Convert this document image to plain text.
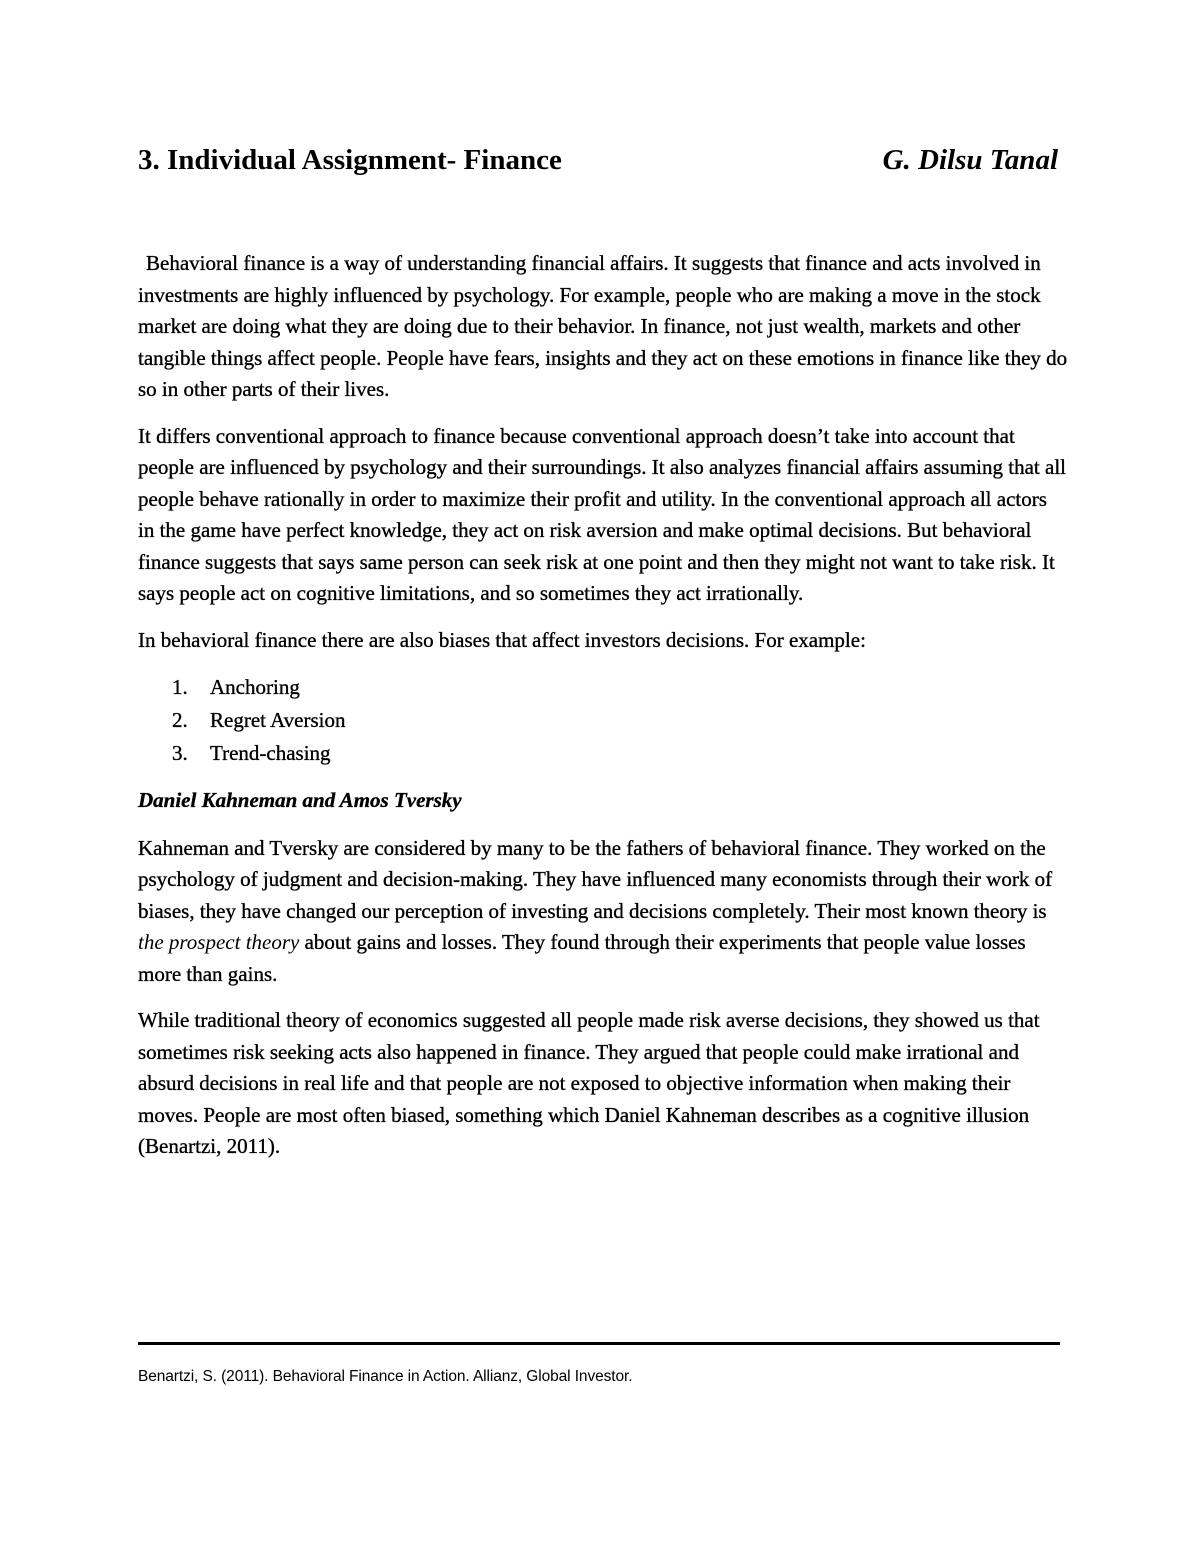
3. Individual Assignment- Finance	G. Dilsu Tanal

Behavioral finance is a way of understanding financial affairs. It suggests that finance and acts involved in investments are highly influenced by psychology. For example, people who are making a move in the stock market are doing what they are doing due to their behavior. In finance, not just wealth, markets and other tangible things affect people. People have fears, insights and they act on these emotions in finance like they do so in other parts of their lives.

It differs conventional approach to finance because conventional approach doesn’t take into account that people are influenced by psychology and their surroundings. It also analyzes financial affairs assuming that all people behave rationally in order to maximize their profit and utility. In the conventional approach all actors in the game have perfect knowledge, they act on risk aversion and make optimal decisions. But behavioral finance suggests that says same person can seek risk at one point and then they might not want to take risk. It says people act on cognitive limitations, and so sometimes they act irrationally.

In behavioral finance there are also biases that affect investors decisions. For example:

1.	Anchoring
2.	Regret Aversion
3.	Trend-chasing
Daniel Kahneman and Amos Tversky

Kahneman and Tversky are considered by many to be the fathers of behavioral finance. They worked on the psychology of judgment and decision-making. They have influenced many economists through their work of biases, they have changed our perception of investing and decisions completely. Their most known theory is the prospect theory about gains and losses. They found through their experiments that people value losses more than gains.

While traditional theory of economics suggested all people made risk averse decisions, they showed us that sometimes risk seeking acts also happened in finance. They argued that people could make irrational and absurd decisions in real life and that people are not exposed to objective information when making their moves. People are most often biased, something which Daniel Kahneman describes as a cognitive illusion (Benartzi, 2011).

Benartzi, S. (2011). Behavioral Finance in Action. Allianz, Global Investor.
